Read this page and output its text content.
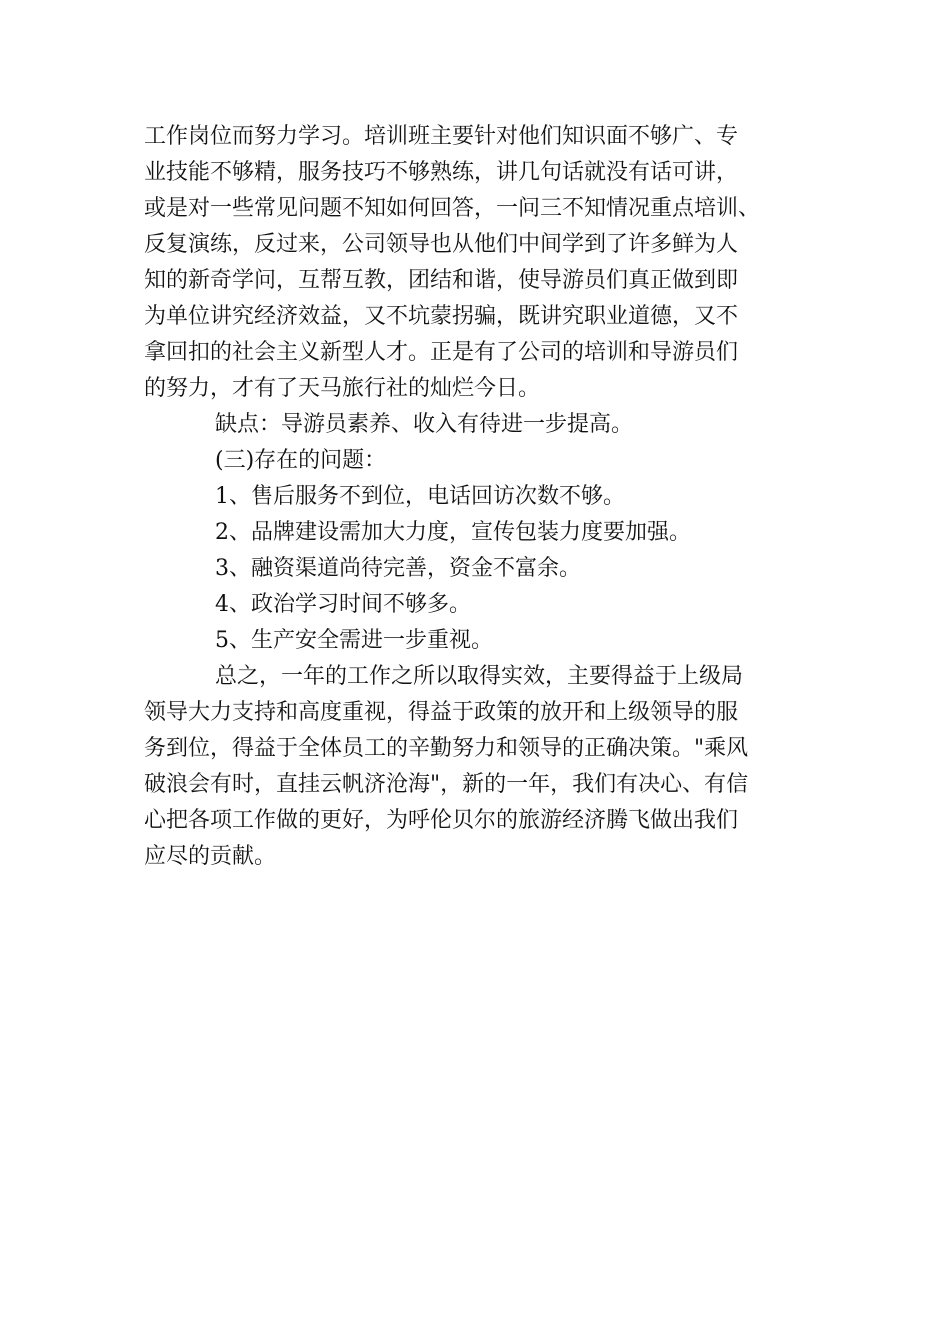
工作岗位而努力学习。培训班主要针对他们知识面不够广、专
业技能不够精，服务技巧不够熟练，讲几句话就没有话可讲，
或是对一些常见问题不知如何回答，一问三不知情况重点培训、
反复演练，反过来，公司领导也从他们中间学到了许多鲜为人
知的新奇学问，互帮互教，团结和谐，使导游员们真正做到即
为单位讲究经济效益，又不坑蒙拐骗，既讲究职业道德，又不
拿回扣的社会主义新型人才。正是有了公司的培训和导游员们
的努力，才有了天马旅行社的灿烂今日。
缺点：导游员素养、收入有待进一步提高。
(三)存在的问题：
1、售后服务不到位，电话回访次数不够。
2、品牌建设需加大力度，宣传包装力度要加强。
3、融资渠道尚待完善，资金不富余。
4、政治学习时间不够多。
5、生产安全需进一步重视。
总之，一年的工作之所以取得实效，主要得益于上级局
领导大力支持和高度重视，得益于政策的放开和上级领导的服
务到位，得益于全体员工的辛勤努力和领导的正确决策。"乘风
破浪会有时，直挂云帆济沧海"，新的一年，我们有决心、有信
心把各项工作做的更好，为呼伦贝尔的旅游经济腾飞做出我们
应尽的贡献。
